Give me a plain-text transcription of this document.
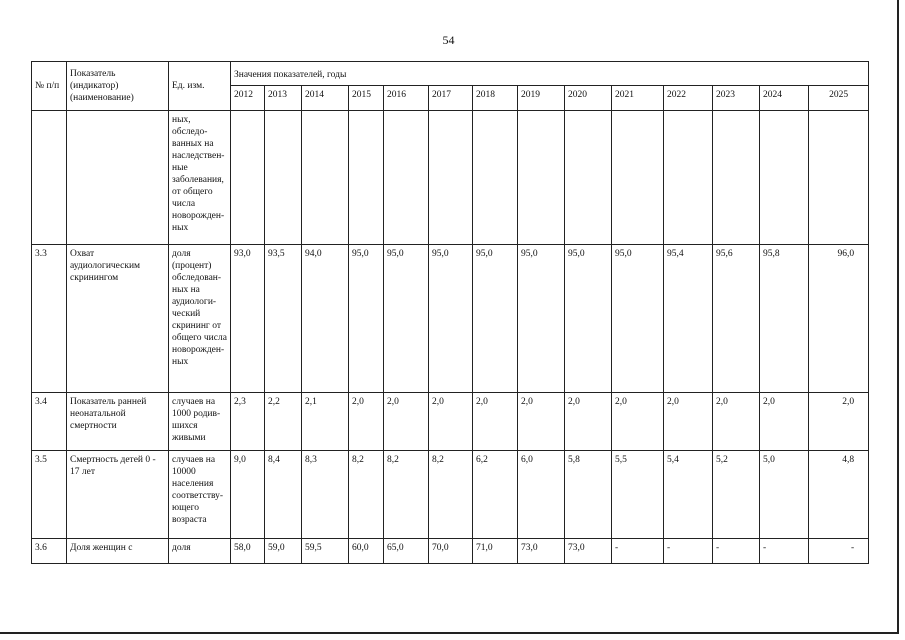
54
№ п/п	Показатель (индикатор) (наименование)	Ед. изм.	Значения показателей, годы													
			2012	2013	2014	2015	2016	2017	2018	2019	2020	2021	2022	2023	2024	2025
		ных, обследо-ванных на наследствен-ные заболевания, от общего числа новорожден-ных														
3.3	Охват аудиологическим скринингом	доля (процент) обследован-ных на аудиологи-ческий скрининг от общего числа новорожден-ных	93,0	93,5	94,0	95,0	95,0	95,0	95,0	95,0	95,0	95,0	95,4	95,6	95,8	96,0
3.4	Показатель ранней неонатальной смертности	случаев на 1000 родив-шихся живыми	2,3	2,2	2,1	2,0	2,0	2,0	2,0	2,0	2,0	2,0	2,0	2,0	2,0	2,0
3.5	Смертность детей 0 - 17 лет	случаев на 10000 населения соответству-ющего возраста	9,0	8,4	8,3	8,2	8,2	8,2	6,2	6,0	5,8	5,5	5,4	5,2	5,0	4,8
3.6	Доля женщин с	доля	58,0	59,0	59,5	60,0	65,0	70,0	71,0	73,0	73,0	-	-	-	-	-
